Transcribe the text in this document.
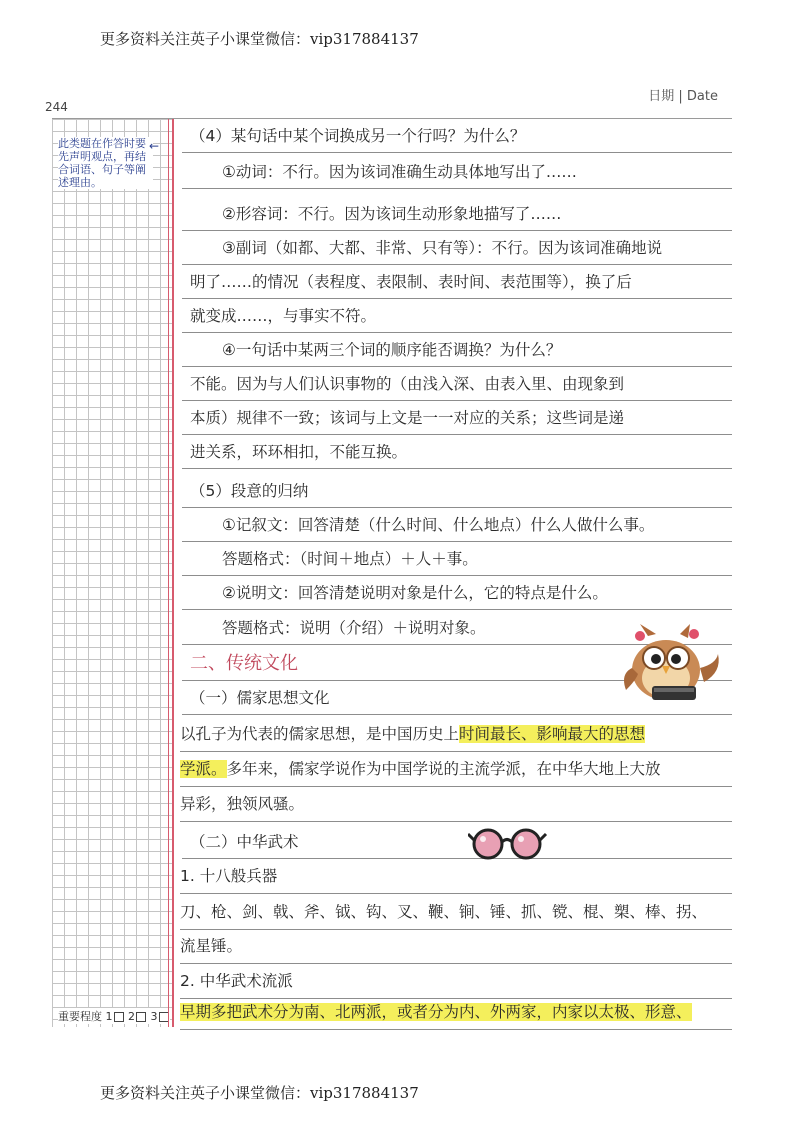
更多资料关注英子小课堂微信：vip317884137
244
日期 | Date
此类题在作答时要先声明观点，再结合词语、句子等阐述理由。
←
重要程度 1 2 3
（4）某句话中某个词换成另一个行吗？为什么？
①动词：不行。因为该词准确生动具体地写出了……
②形容词：不行。因为该词生动形象地描写了……
③副词（如都、大都、非常、只有等）：不行。因为该词准确地说
明了……的情况（表程度、表限制、表时间、表范围等），换了后
就变成……，与事实不符。
④一句话中某两三个词的顺序能否调换？为什么？
不能。因为与人们认识事物的（由浅入深、由表入里、由现象到
本质）规律不一致；该词与上文是一一对应的关系；这些词是递
进关系，环环相扣，不能互换。
（5）段意的归纳
①记叙文：回答清楚（什么时间、什么地点）什么人做什么事。
答题格式：（时间＋地点）＋人＋事。
②说明文：回答清楚说明对象是什么，它的特点是什么。
答题格式：说明（介绍）＋说明对象。
二、传统文化
（一）儒家思想文化
以孔子为代表的儒家思想，是中国历史上时间最长、影响最大的思想
学派。多年来，儒家学说作为中国学说的主流学派，在中华大地上大放
异彩，独领风骚。
（二）中华武术
1. 十八般兵器
刀、枪、剑、戟、斧、钺、钩、叉、鞭、锏、锤、抓、镋、棍、槊、棒、拐、
流星锤。
2. 中华武术流派
早期多把武术分为南、北两派，或者分为内、外两家，内家以太极、形意、
更多资料关注英子小课堂微信：vip317884137
